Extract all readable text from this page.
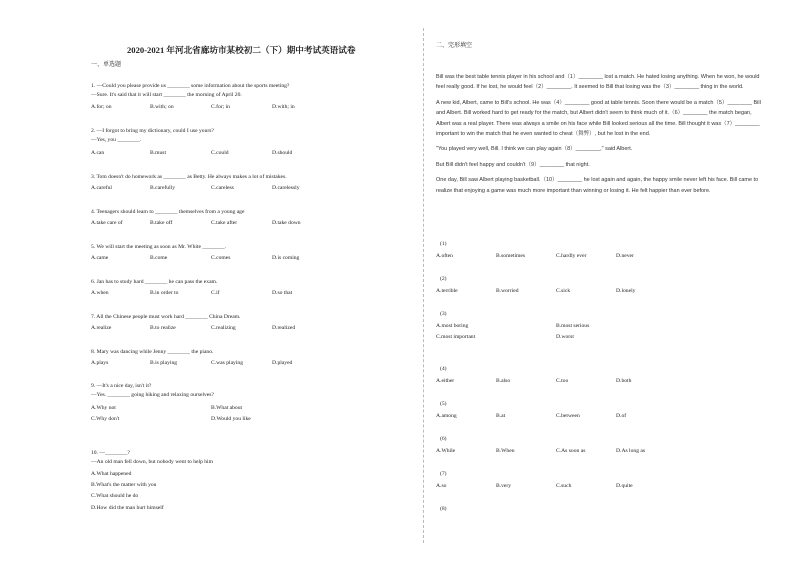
2020-2021 年河北省廊坊市某校初二（下）期中考试英语试卷
一、单选题
1. —Could you please provide us ________ some information about the sports meeting?
—Sure. It's said that it will start ________ the morning of April 20.
A.for; on	B.with; on	C.for; in	D.with; in
2. —I forgot to bring my dictionary, could I use yours?
—Yes, you ________.
A.can	B.must	C.could	D.should
3. Tom doesn't do homework as ________ as Betty. He always makes a lot of mistakes.
A.careful	B.carefully	C.careless	D.carelessly
4. Teenagers should learn to ________ themselves from a young age
A.take care of	B.take off	C.take after	D.take down
5. We will start the meeting as soon as Mr. White ________.
A.came	B.come	C.comes	D.is coming
6. Jan has to study hard ________ he can pass the exam.
A.when	B.in order to	C.if	D.so that
7. All the Chinese people must work hard ________ China Dream.
A.realize	B.to realize	C.realizing	D.realized
8. Mary was dancing while Jenny ________ the piano.
A.plays	B.is playing	C.was playing	D.played
9. —It's a nice day, isn't it?
—Yes. ________ going hiking and relaxing ourselves?
A.Why not	B.What about
C.Why don't	D.Would you like
10. —________?
—An old man fell down, but nobody went to help him
A.What happened
B.What's the matter with you
C.What should he do
D.How did the man hurt himself
二、完形填空

Bill was the best table tennis player in his school and（1）________ lost a match. He hated losing anything. When he won, he would feel really good. If he lost, he would feel（2）________. It seemed to Bill that losing was the（3）________ thing in the world.

A new kid, Albert, came to Bill's school. He was（4）________ good at table tennis. Soon there would be a match（5）________ Bill and Albert. Bill worked hard to get ready for the match, but Albert didn't seem to think much of it.（6）________ the match began, Albert was a real player. There was always a smile on his face while Bill looked serious all the time. Bill thought it was（7）________ important to win the match that he even wanted to cheat（舞弊）, but he lost in the end.

"You played very well, Bill. I think we can play again（8）________," said Albert.

But Bill didn't feel happy and couldn't（9）________ that night.

One day, Bill saw Albert playing basketball.（10）________ he lost again and again, the happy smile never left his face. Bill came to realize that enjoying a game was much more important than winning or losing it. He felt happier than ever before.

(1)
A.often	B.sometimes	C.hardly ever	D.never
(2)
A.terrible	B.worried	C.sick	D.lonely
(3)
A.most boring	B.most serious
C.most important	D.worst
(4)
A.either	B.also	C.too	D.both
(5)
A.among	B.at	C.between	D.of
(6)
A.While	B.When	C.As soon as	D.As long as
(7)
A.so	B.very	C.such	D.quite
(8)
